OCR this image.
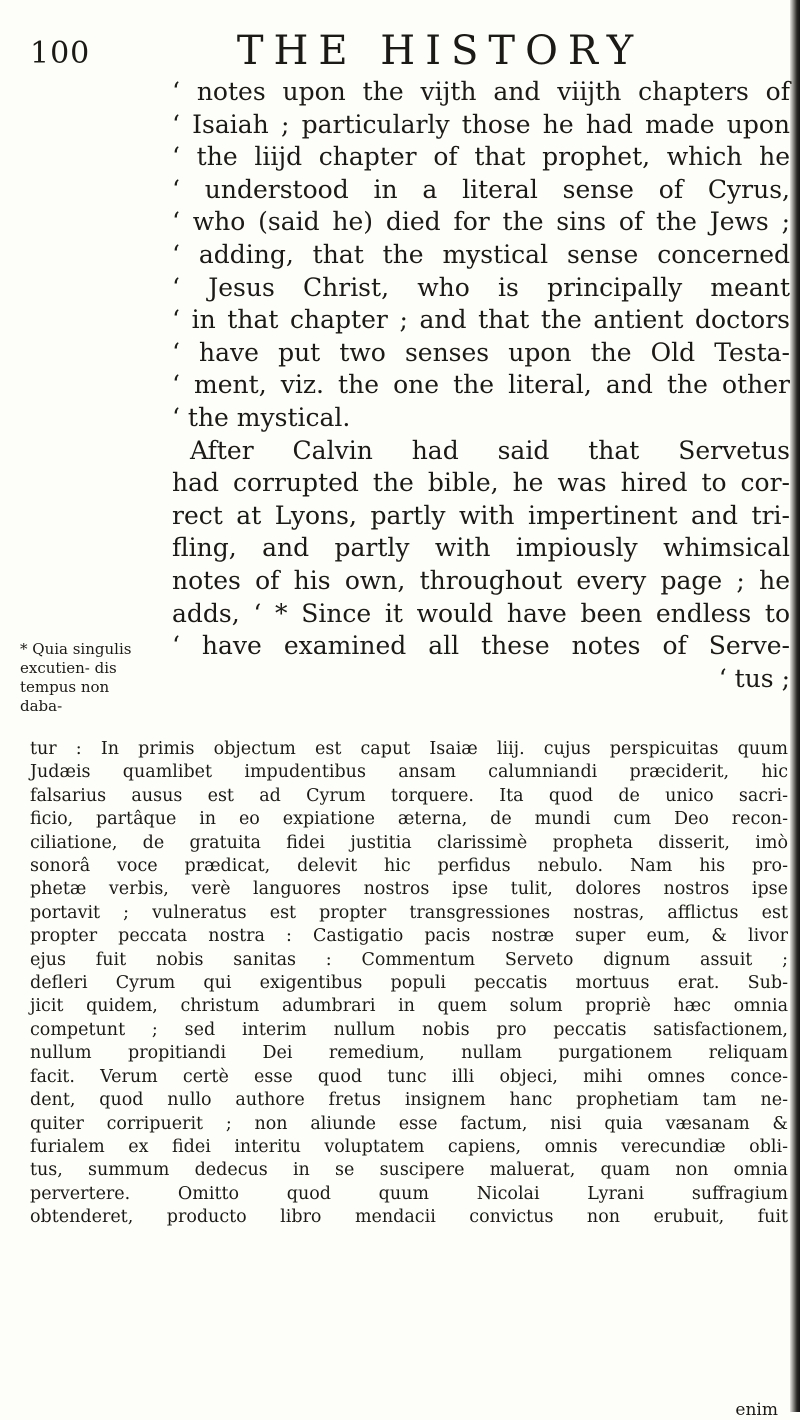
100	THE HISTORY
‘ notes upon the vijth and viijth chapters of
‘ Isaiah ; particularly those he had made upon
‘ the liijd chapter of that prophet, which he
‘ understood in a literal sense of Cyrus,
‘ who (said he) died for the sins of the Jews ;
‘ adding, that the mystical sense concerned
‘ Jesus Christ, who is principally meant
‘ in that chapter ; and that the antient doctors
‘ have put two senses upon the Old Testa-
‘ ment, viz. the one the literal, and the other
‘ the mystical.
After Calvin had said that Servetus
had corrupted the bible, he was hired to cor-
rect at Lyons, partly with impertinent and tri-
fling, and partly with impiously whimsical
notes of his own, throughout every page ; he
adds, ‘ * Since it would have been endless to
‘ have examined all these notes of Serve-
‘ tus ;
* Quia singulis excutien- dis tempus non daba-
tur : In primis objectum est caput Isaiæ liij. cujus perspicuitas quum
Judæis quamlibet impudentibus ansam calumniandi præciderit, hic
falsarius ausus est ad Cyrum torquere. Ita quod de unico sacri-
ficio, partâque in eo expiatione æterna, de mundi cum Deo recon-
ciliatione, de gratuita fidei justitia clarissimè propheta disserit, imò
sonorâ voce prædicat, delevit hic perfidus nebulo. Nam his pro-
phetæ verbis, verè languores nostros ipse tulit, dolores nostros ipse
portavit ; vulneratus est propter transgressiones nostras, afflictus est
propter peccata nostra : Castigatio pacis nostræ super eum, & livor
ejus fuit nobis sanitas : Commentum Serveto dignum assuit ;
defleri Cyrum qui exigentibus populi peccatis mortuus erat. Sub-
jicit quidem, christum adumbrari in quem solum propriè hæc omnia
competunt ; sed interim nullum nobis pro peccatis satisfactionem,
nullum propitiandi Dei remedium, nullam purgationem reliquam
facit. Verum certè esse quod tunc illi objeci, mihi omnes conce-
dent, quod nullo authore fretus insignem hanc prophetiam tam ne-
quiter corripuerit ; non aliunde esse factum, nisi quia væsanam &
furialem ex fidei interitu voluptatem capiens, omnis verecundiæ obli-
tus, summum dedecus in se suscipere maluerat, quam non omnia
pervertere. Omitto quod quum Nicolai Lyrani suffragium
obtenderet, producto libro mendacii convictus non erubuit, fuit
enim
